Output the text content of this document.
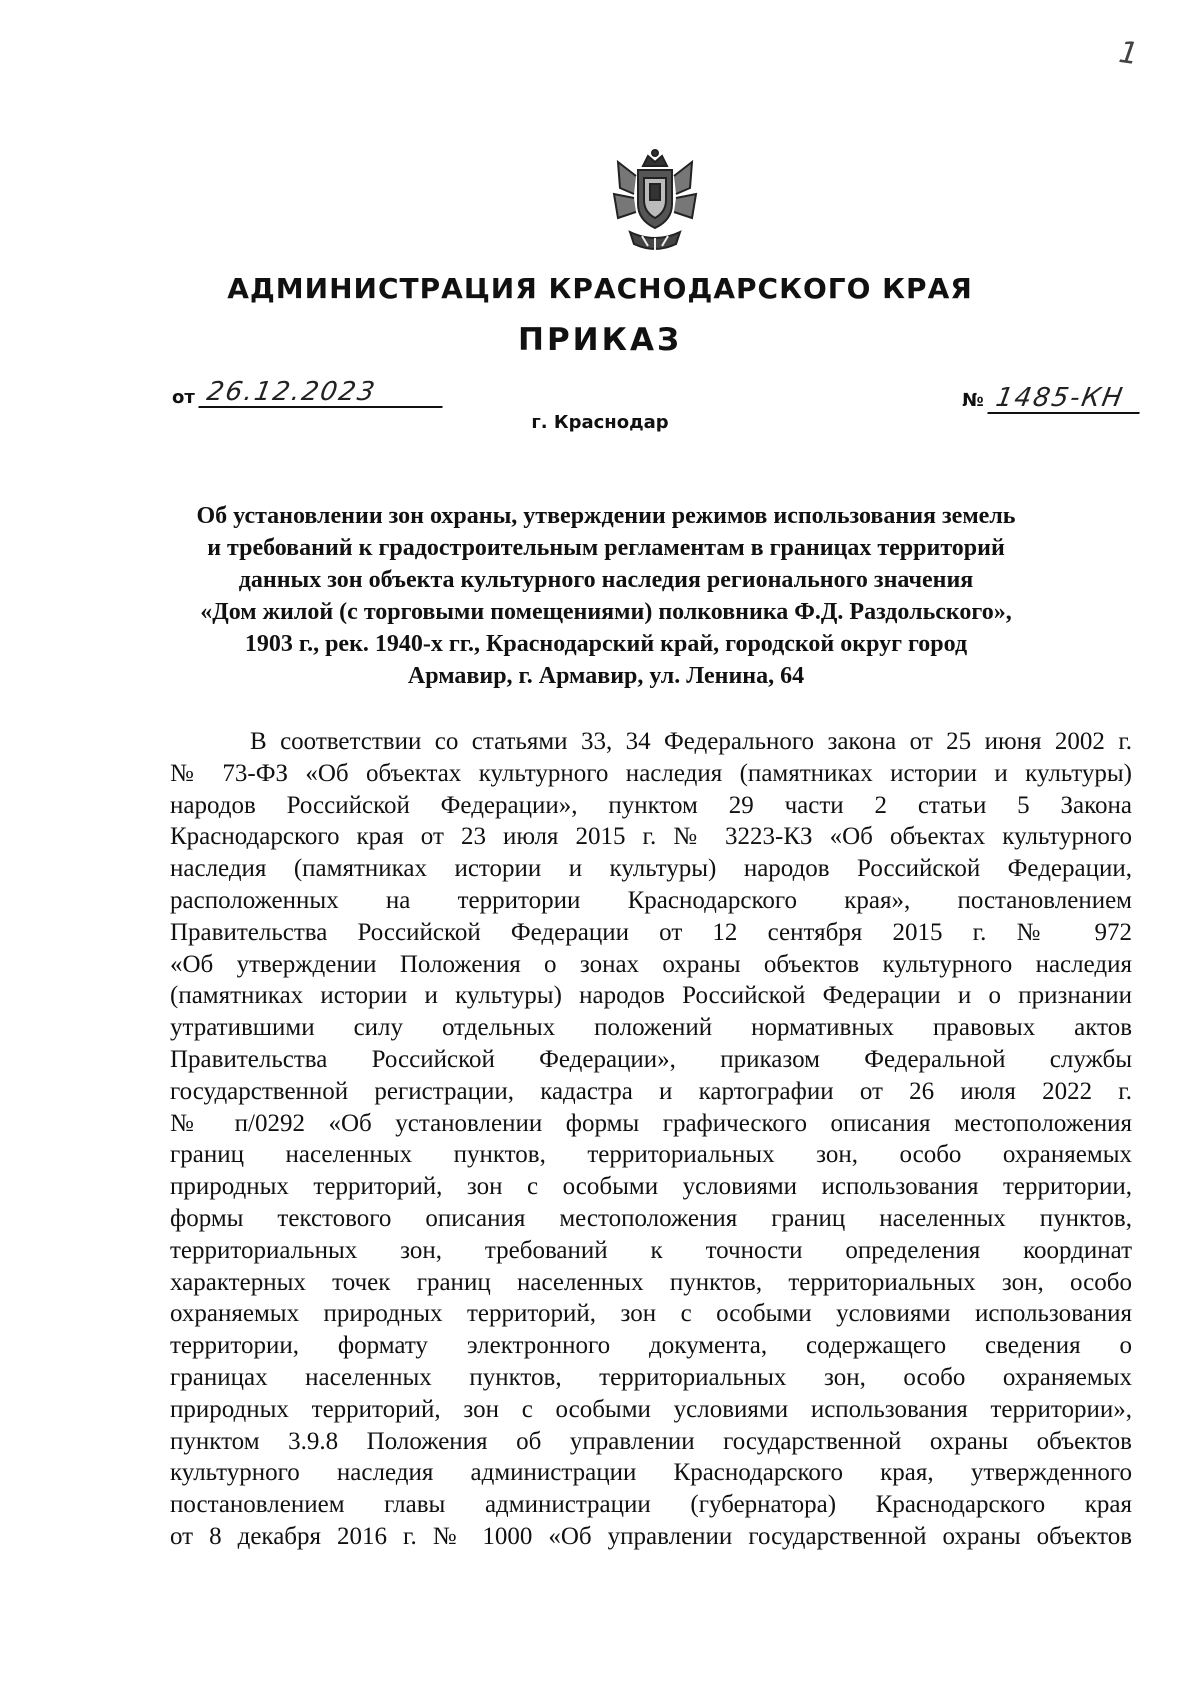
1
АДМИНИСТРАЦИЯ КРАСНОДАРСКОГО КРАЯ
ПРИКАЗ
от 26.12.2023	№ 1485-КН
г. Краснодар
Об установлении зон охраны, утверждении режимов использования земель
и требований к градостроительным регламентам в границах территорий
данных зон объекта культурного наследия регионального значения
«Дом жилой (с торговыми помещениями) полковника Ф.Д. Раздольского»,
1903 г., рек. 1940-х гг., Краснодарский край, городской округ город
Армавир, г. Армавир, ул. Ленина, 64
В соответствии со статьями 33, 34 Федерального закона от 25 июня 2002 г.
№ 73-ФЗ «Об объектах культурного наследия (памятниках истории и культуры)
народов Российской Федерации», пунктом 29 части 2 статьи 5 Закона
Краснодарского края от 23 июля 2015 г. № 3223-КЗ «Об объектах культурного
наследия (памятниках истории и культуры) народов Российской Федерации,
расположенных на территории Краснодарского края», постановлением
Правительства Российской Федерации от 12 сентября 2015 г. № 972
«Об утверждении Положения о зонах охраны объектов культурного наследия
(памятниках истории и культуры) народов Российской Федерации и о признании
утратившими силу отдельных положений нормативных правовых актов
Правительства Российской Федерации», приказом Федеральной службы
государственной регистрации, кадастра и картографии от 26 июля 2022 г.
№ п/0292 «Об установлении формы графического описания местоположения
границ населенных пунктов, территориальных зон, особо охраняемых
природных территорий, зон с особыми условиями использования территории,
формы текстового описания местоположения границ населенных пунктов,
территориальных зон, требований к точности определения координат
характерных точек границ населенных пунктов, территориальных зон, особо
охраняемых природных территорий, зон с особыми условиями использования
территории, формату электронного документа, содержащего сведения о
границах населенных пунктов, территориальных зон, особо охраняемых
природных территорий, зон с особыми условиями использования территории»,
пунктом 3.9.8 Положения об управлении государственной охраны объектов
культурного наследия администрации Краснодарского края, утвержденного
постановлением главы администрации (губернатора) Краснодарского края
от 8 декабря 2016 г. № 1000 «Об управлении государственной охраны объектов
